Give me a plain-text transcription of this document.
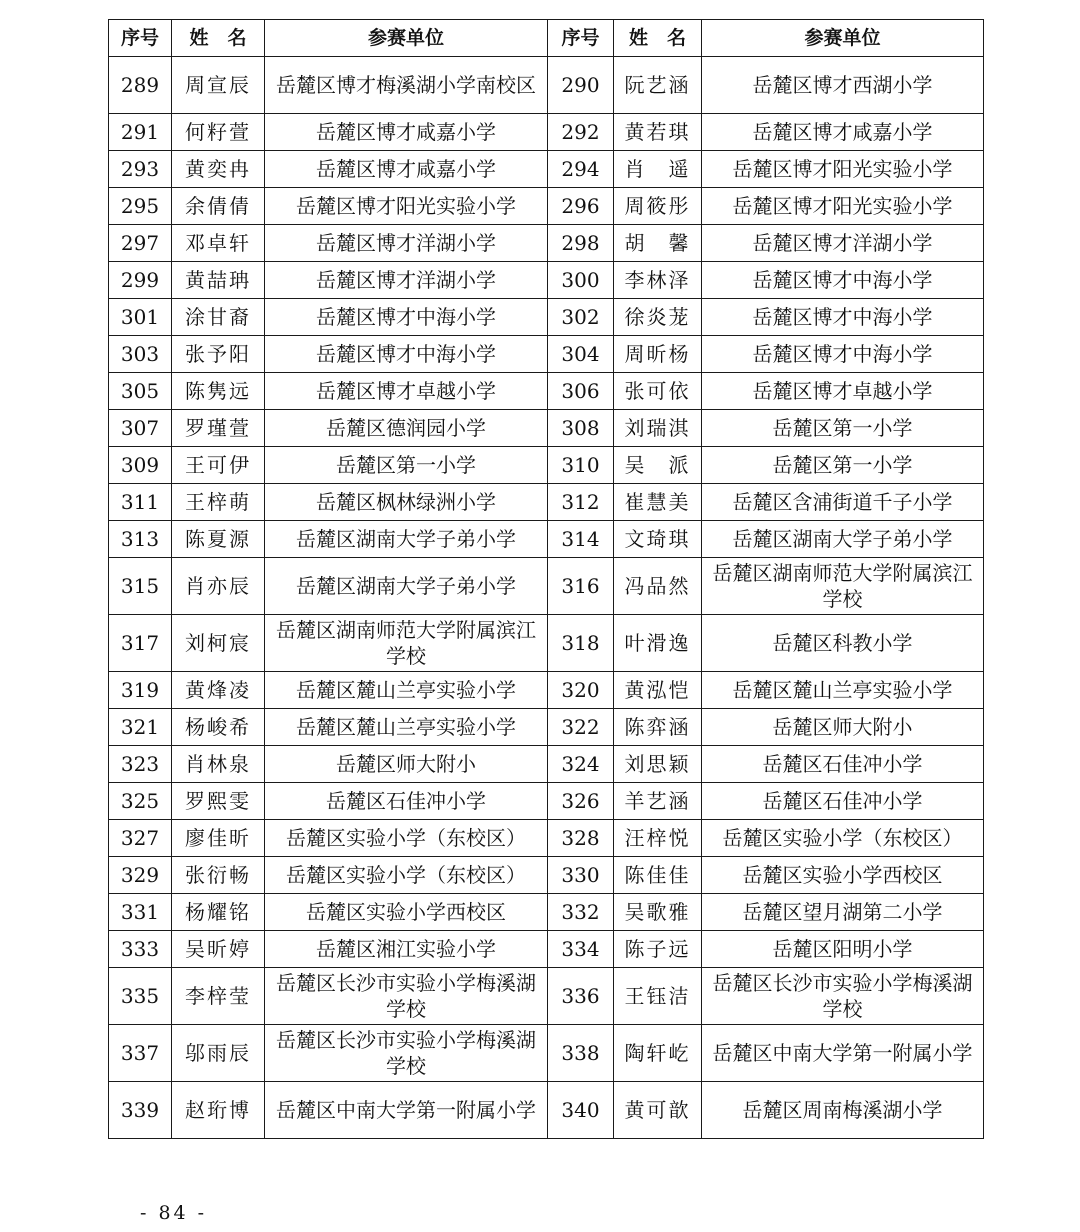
序号	姓　名	参赛单位	序号	姓　名	参赛单位
289	周宣辰	岳麓区博才梅溪湖小学南校区	290	阮艺涵	岳麓区博才西湖小学
291	何籽萱	岳麓区博才咸嘉小学	292	黄若琪	岳麓区博才咸嘉小学
293	黄奕冉	岳麓区博才咸嘉小学	294	肖　遥	岳麓区博才阳光实验小学
295	余倩倩	岳麓区博才阳光实验小学	296	周筱彤	岳麓区博才阳光实验小学
297	邓卓轩	岳麓区博才洋湖小学	298	胡　馨	岳麓区博才洋湖小学
299	黄喆珃	岳麓区博才洋湖小学	300	李林泽	岳麓区博才中海小学
301	涂甘裔	岳麓区博才中海小学	302	徐炎茏	岳麓区博才中海小学
303	张予阳	岳麓区博才中海小学	304	周昕杨	岳麓区博才中海小学
305	陈隽远	岳麓区博才卓越小学	306	张可依	岳麓区博才卓越小学
307	罗瑾萱	岳麓区德润园小学	308	刘瑞淇	岳麓区第一小学
309	王可伊	岳麓区第一小学	310	吴　派	岳麓区第一小学
311	王梓萌	岳麓区枫林绿洲小学	312	崔慧美	岳麓区含浦街道千子小学
313	陈夏源	岳麓区湖南大学子弟小学	314	文琦琪	岳麓区湖南大学子弟小学
315	肖亦辰	岳麓区湖南大学子弟小学	316	冯品然	岳麓区湖南师范大学附属滨江学校
317	刘柯宸	岳麓区湖南师范大学附属滨江学校	318	叶滑逸	岳麓区科教小学
319	黄烽凌	岳麓区麓山兰亭实验小学	320	黄泓恺	岳麓区麓山兰亭实验小学
321	杨峻希	岳麓区麓山兰亭实验小学	322	陈弈涵	岳麓区师大附小
323	肖林泉	岳麓区师大附小	324	刘思颖	岳麓区石佳冲小学
325	罗熙雯	岳麓区石佳冲小学	326	羊艺涵	岳麓区石佳冲小学
327	廖佳昕	岳麓区实验小学（东校区）	328	汪梓悦	岳麓区实验小学（东校区）
329	张衍畅	岳麓区实验小学（东校区）	330	陈佳佳	岳麓区实验小学西校区
331	杨耀铭	岳麓区实验小学西校区	332	吴歌雅	岳麓区望月湖第二小学
333	吴昕婷	岳麓区湘江实验小学	334	陈子远	岳麓区阳明小学
335	李梓莹	岳麓区长沙市实验小学梅溪湖学校	336	王钰洁	岳麓区长沙市实验小学梅溪湖学校
337	邬雨辰	岳麓区长沙市实验小学梅溪湖学校	338	陶轩屹	岳麓区中南大学第一附属小学
339	赵珩博	岳麓区中南大学第一附属小学	340	黄可歆	岳麓区周南梅溪湖小学
- 84 -
